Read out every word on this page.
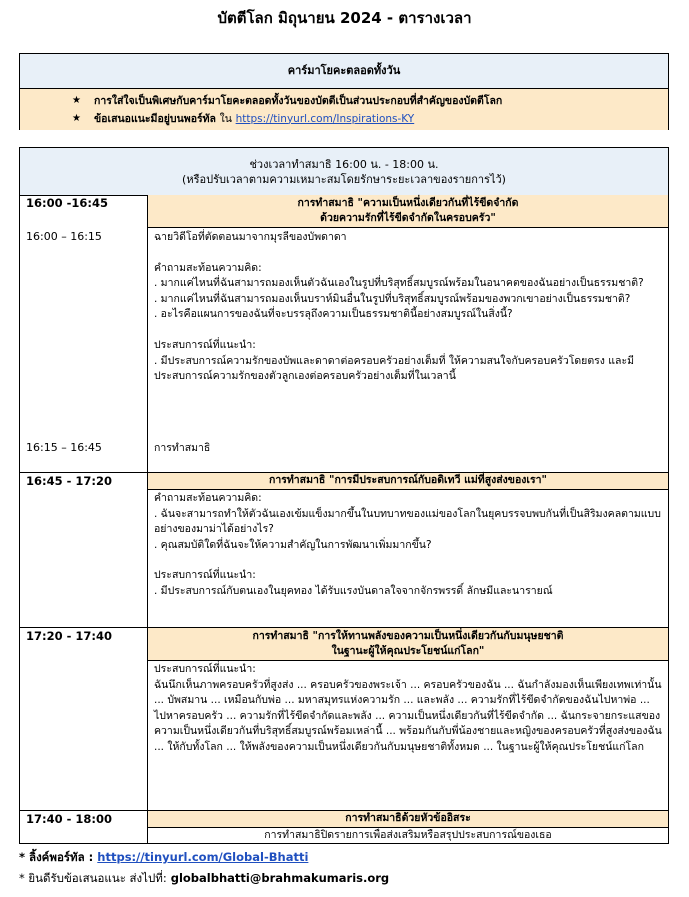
บัตตีโลก มิถุนายน 2024 - ตารางเวลา
คาร์มาโยคะตลอดทั้งวัน
★ การใส่ใจเป็นพิเศษกับคาร์มาโยคะตลอดทั้งวันของบัตตีเป็นส่วนประกอบที่สำคัญของบัตตีโลก
★ ข้อเสนอแนะมีอยู่บนพอร์ทัล ใน https://tinyurl.com/Inspirations-KY
ช่วงเวลาทำสมาธิ 16:00 น. - 18:00 น.
(หรือปรับเวลาตามความเหมาะสมโดยรักษาระยะเวลาของรายการไว้)
16:00 -16:45	การทำสมาธิ "ความเป็นหนึ่งเดียวกันที่ไร้ขีดจำกัด
ด้วยความรักที่ไร้ขีดจำกัดในครอบครัว"
16:00 – 16:15	ฉายวิดีโอที่ตัดตอนมาจากมุรลีของบัพดาดา

คำถามสะท้อนความคิด:

. มากแค่ไหนที่ฉันสามารถมองเห็นตัวฉันเองในรูปที่บริสุทธิ์สมบูรณ์พร้อมในอนาคตของฉันอย่างเป็นธรรมชาติ?

. มากแค่ไหนที่ฉันสามารถมองเห็นบราห์มินอื่นในรูปที่บริสุทธิ์สมบูรณ์พร้อมของพวกเขาอย่างเป็นธรรมชาติ?

. อะไรคือแผนการของฉันที่จะบรรลุถึงความเป็นธรรมชาตินี้อย่างสมบูรณ์ในสิ่งนี้?

ประสบการณ์ที่แนะนำ:

. มีประสบการณ์ความรักของบัพและดาดาต่อครอบครัวอย่างเต็มที่ ให้ความสนใจกับครอบครัวโดยตรง และมีประสบการณ์ความรักของตัวลูกเองต่อครอบครัวอย่างเต็มที่ในเวลานี้

16:15 – 16:45	การทำสมาธิ
16:45 - 17:20	การทำสมาธิ "การมีประสบการณ์กับอดิเทวี แม่ที่สูงส่งของเรา"

คำถามสะท้อนความคิด:

. ฉันจะสามารถทำให้ตัวฉันเองเข้มแข็งมากขึ้นในบทบาทของแม่ของโลกในยุคบรรจบพบกันที่เป็นสิริมงคลตามแบบอย่างของมาม่าได้อย่างไร?

. คุณสมบัติใดที่ฉันจะให้ความสำคัญในการพัฒนาเพิ่มมากขึ้น?

ประสบการณ์ที่แนะนำ:

. มีประสบการณ์กับตนเองในยุคทอง ได้รับแรงบันดาลใจจากจักรพรรดิ์ ลักษมีและนารายณ์

17:20 - 17:40	การทำสมาธิ "การให้ทานพลังของความเป็นหนึ่งเดียวกันกับมนุษยชาติ
ในฐานะผู้ให้คุณประโยชน์แก่โลก"

ประสบการณ์ที่แนะนำ:

ฉันนึกเห็นภาพครอบครัวที่สูงส่ง ... ครอบครัวของพระเจ้า ... ครอบครัวของฉัน ... ฉันกำลังมองเห็นเพียงเทพเท่านั้น ... บัพสมาน ... เหมือนกับพ่อ ... มหาสมุทรแห่งความรัก ... และพลัง ... ความรักที่ไร้ขีดจำกัดของฉันไปหาพ่อ ... ไปหาครอบครัว ... ความรักที่ไร้ขีดจำกัดและพลัง ... ความเป็นหนึ่งเดียวกันที่ไร้ขีดจำกัด ... ฉันกระจายกระแสของความเป็นหนึ่งเดียวกันที่บริสุทธิ์สมบูรณ์พร้อมเหล่านี้ ... พร้อมกันกับพี่น้องชายและหญิงของครอบครัวที่สูงส่งของฉัน ... ให้กับทั้งโลก ... ให้พลังของความเป็นหนึ่งเดียวกันกับมนุษยชาติทั้งหมด ... ในฐานะผู้ให้คุณประโยชน์แก่โลก

17:40 - 18:00	การทำสมาธิด้วยหัวข้ออิสระ
การทำสมาธิปิดรายการเพื่อส่งเสริมหรือสรุปประสบการณ์ของเธอ
* ลิ้งค์พอร์ทัล : https://tinyurl.com/Global-Bhatti
* ยินดีรับข้อเสนอแนะ ส่งไปที่: globalbhatti@brahmakumaris.org
